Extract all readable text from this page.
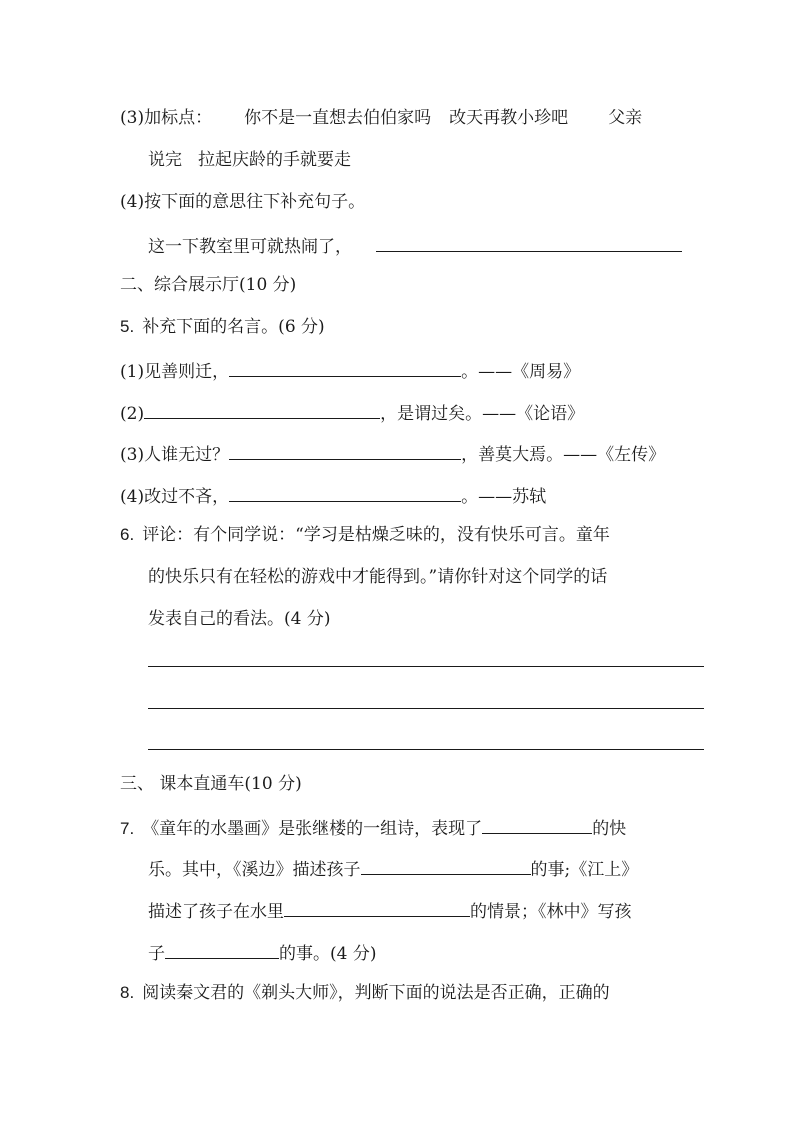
(3)加标点： 你不是一直想去伯伯家吗 改天再教小珍吧 父亲
说完 拉起庆龄的手就要走
(4)按下面的意思往下补充句子。
这一下教室里可就热闹了，
二、综合展示厅(10 分)
5. 补充下面的名言。(6 分)
(1)见善则迁，	。——《周易》
(2)	，是谓过矣。——《论语》
(3)人谁无过？	，善莫大焉。——《左传》
(4)改过不吝，	。——苏轼
6. 评论：有个同学说：“学习是枯燥乏味的，没有快乐可言。童年
的快乐只有在轻松的游戏中才能得到。”请你针对这个同学的话
发表自己的看法。(4 分)
三、 课本直通车(10 分)
7. 《童年的水墨画》是张继楼的一组诗，表现了	的快
乐。其中，《溪边》描述孩子	的事;《江上》
描述了孩子在水里	的情景；《林中》写孩
子	的事。(4 分)
8. 阅读秦文君的《剃头大师》，判断下面的说法是否正确，正确的
